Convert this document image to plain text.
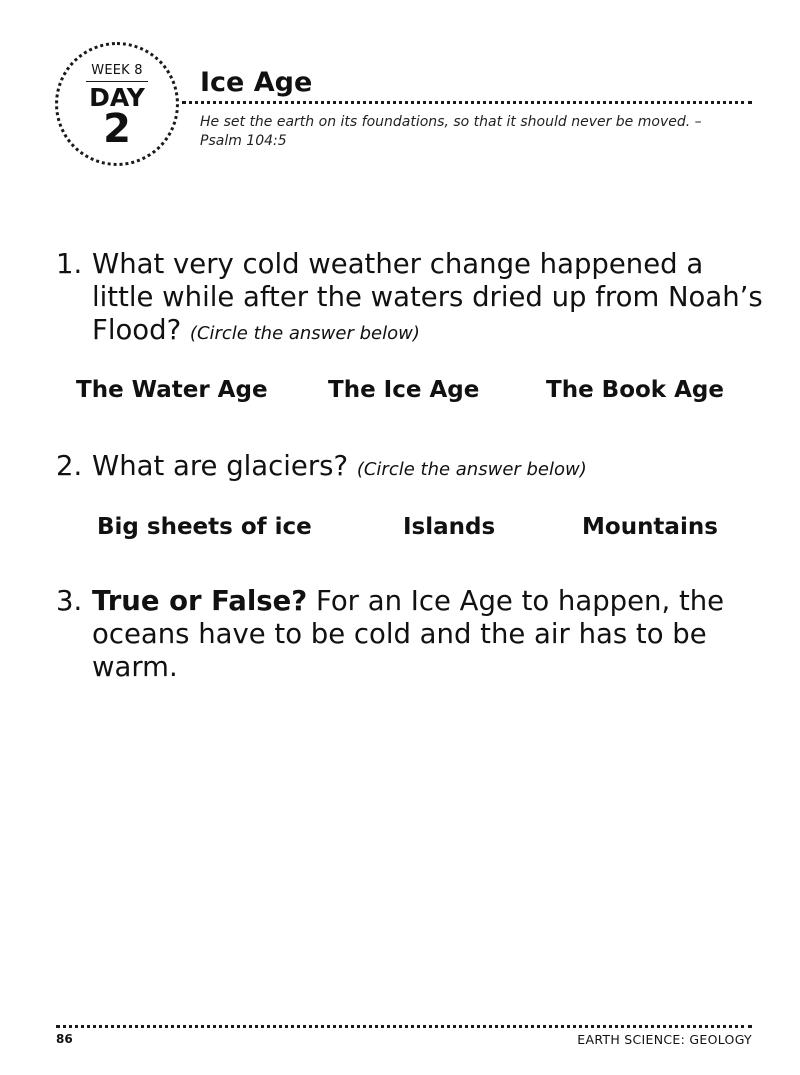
WEEK 8
DAY
2
Ice Age
He set the earth on its foundations, so that it should never be moved. – Psalm 104:5
1. What very cold weather change happened a little while after the waters dried up from Noah’s Flood? (Circle the answer below)
The Water Age	The Ice Age	The Book Age
2. What are glaciers? (Circle the answer below)
Big sheets of ice	Islands	Mountains
3. True or False? For an Ice Age to happen, the oceans have to be cold and the air has to be warm.
86	EARTH SCIENCE: GEOLOGY
